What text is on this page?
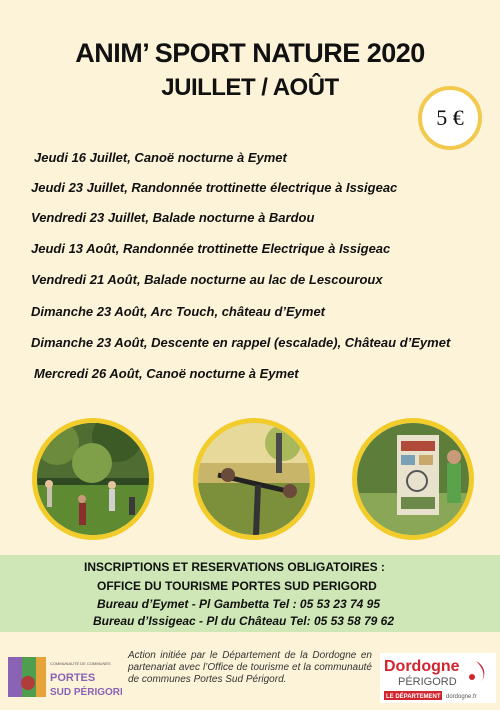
ANIM’ SPORT NATURE 2020
JUILLET / AOÛT
5 €
Jeudi 16 Juillet, Canoë nocturne à Eymet
Jeudi 23 Juillet, Randonnée trottinette électrique à Issigeac
Vendredi 23 Juillet, Balade nocturne à Bardou
Jeudi 13 Août, Randonnée trottinette Electrique à Issigeac
Vendredi 21 Août, Balade nocturne au lac de Lescouroux
Dimanche 23 Août, Arc Touch, château d’Eymet
Dimanche 23 Août, Descente en rappel (escalade), Château d’Eymet
Mercredi 26 Août, Canoë nocturne à Eymet
INSCRIPTIONS ET RESERVATIONS OBLIGATOIRES :
OFFICE DU TOURISME PORTES SUD PERIGORD
Bureau d’Eymet - Pl Gambetta Tel : 05 53 23 74 95
Bureau d’Issigeac - Pl du Château Tel: 05 53 58 79 62
COMMUNAUTÉ DE COMMUNES
PORTES
SUD PÉRIGORD
Action initiée par le Département de la Dordogne en partenariat avec l’Office de tourisme et la communauté de communes Portes Sud Périgord.
Dordogne
PÉRIGORD
LE DÉPARTEMENT dordogne.fr
